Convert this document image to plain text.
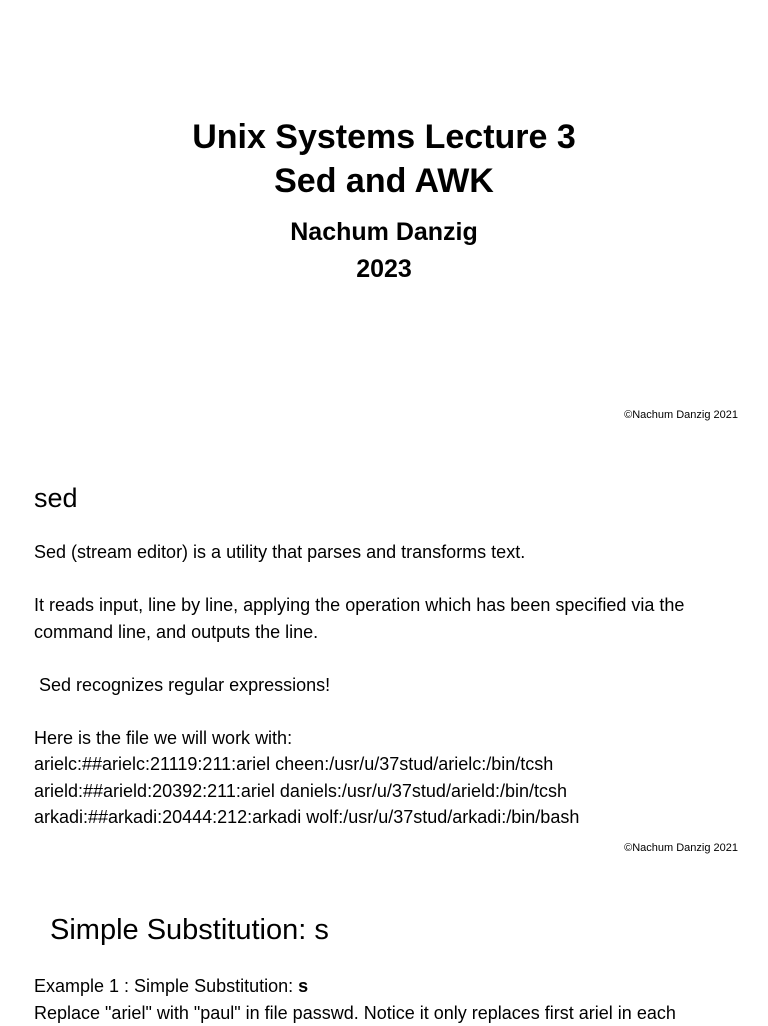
Unix Systems Lecture 3
Sed and AWK
Nachum Danzig
2023
©Nachum Danzig 2021
sed
Sed (stream editor) is a utility that parses and transforms text.
It reads input, line by line, applying the operation which has been specified via the
command line, and outputs the line.
Sed recognizes regular expressions!
Here is the file we will work with:
arielc:##arielc:21119:211:ariel cheen:/usr/u/37stud/arielc:/bin/tcsh
arield:##arield:20392:211:ariel daniels:/usr/u/37stud/arield:/bin/tcsh
arkadi:##arkadi:20444:212:arkadi wolf:/usr/u/37stud/arkadi:/bin/bash
©Nachum Danzig 2021
Simple Substitution: s
Example 1 : Simple Substitution: s
Replace "ariel" with "paul" in file passwd. Notice it only replaces first ariel in each
